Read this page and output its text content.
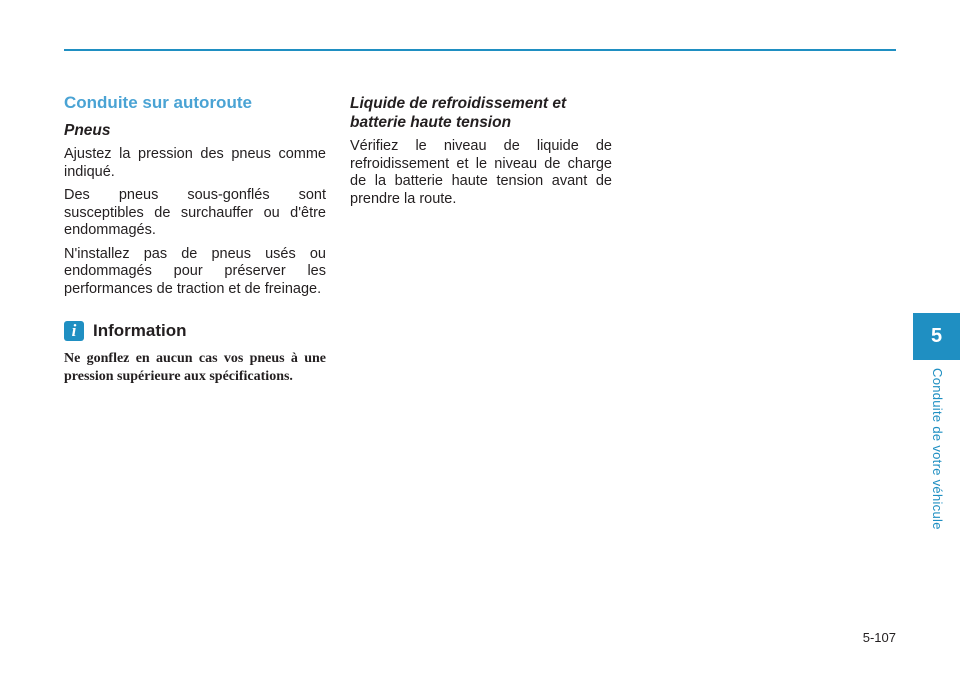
Conduite sur autoroute
Pneus

Ajustez la pression des pneus comme indiqué.

Des pneus sous-gonflés sont susceptibles de surchauffer ou d'être endommagés.

N'installez pas de pneus usés ou endommagés pour préserver les performances de traction et de freinage.

i Information

Ne gonflez en aucun cas vos pneus à une pression supérieure aux spécifications.

Liquide de refroidissement et batterie haute tension

Vérifiez le niveau de liquide de refroidissement et le niveau de charge de la batterie haute tension avant de prendre la route.

5
Conduite de votre véhicule
5-107
